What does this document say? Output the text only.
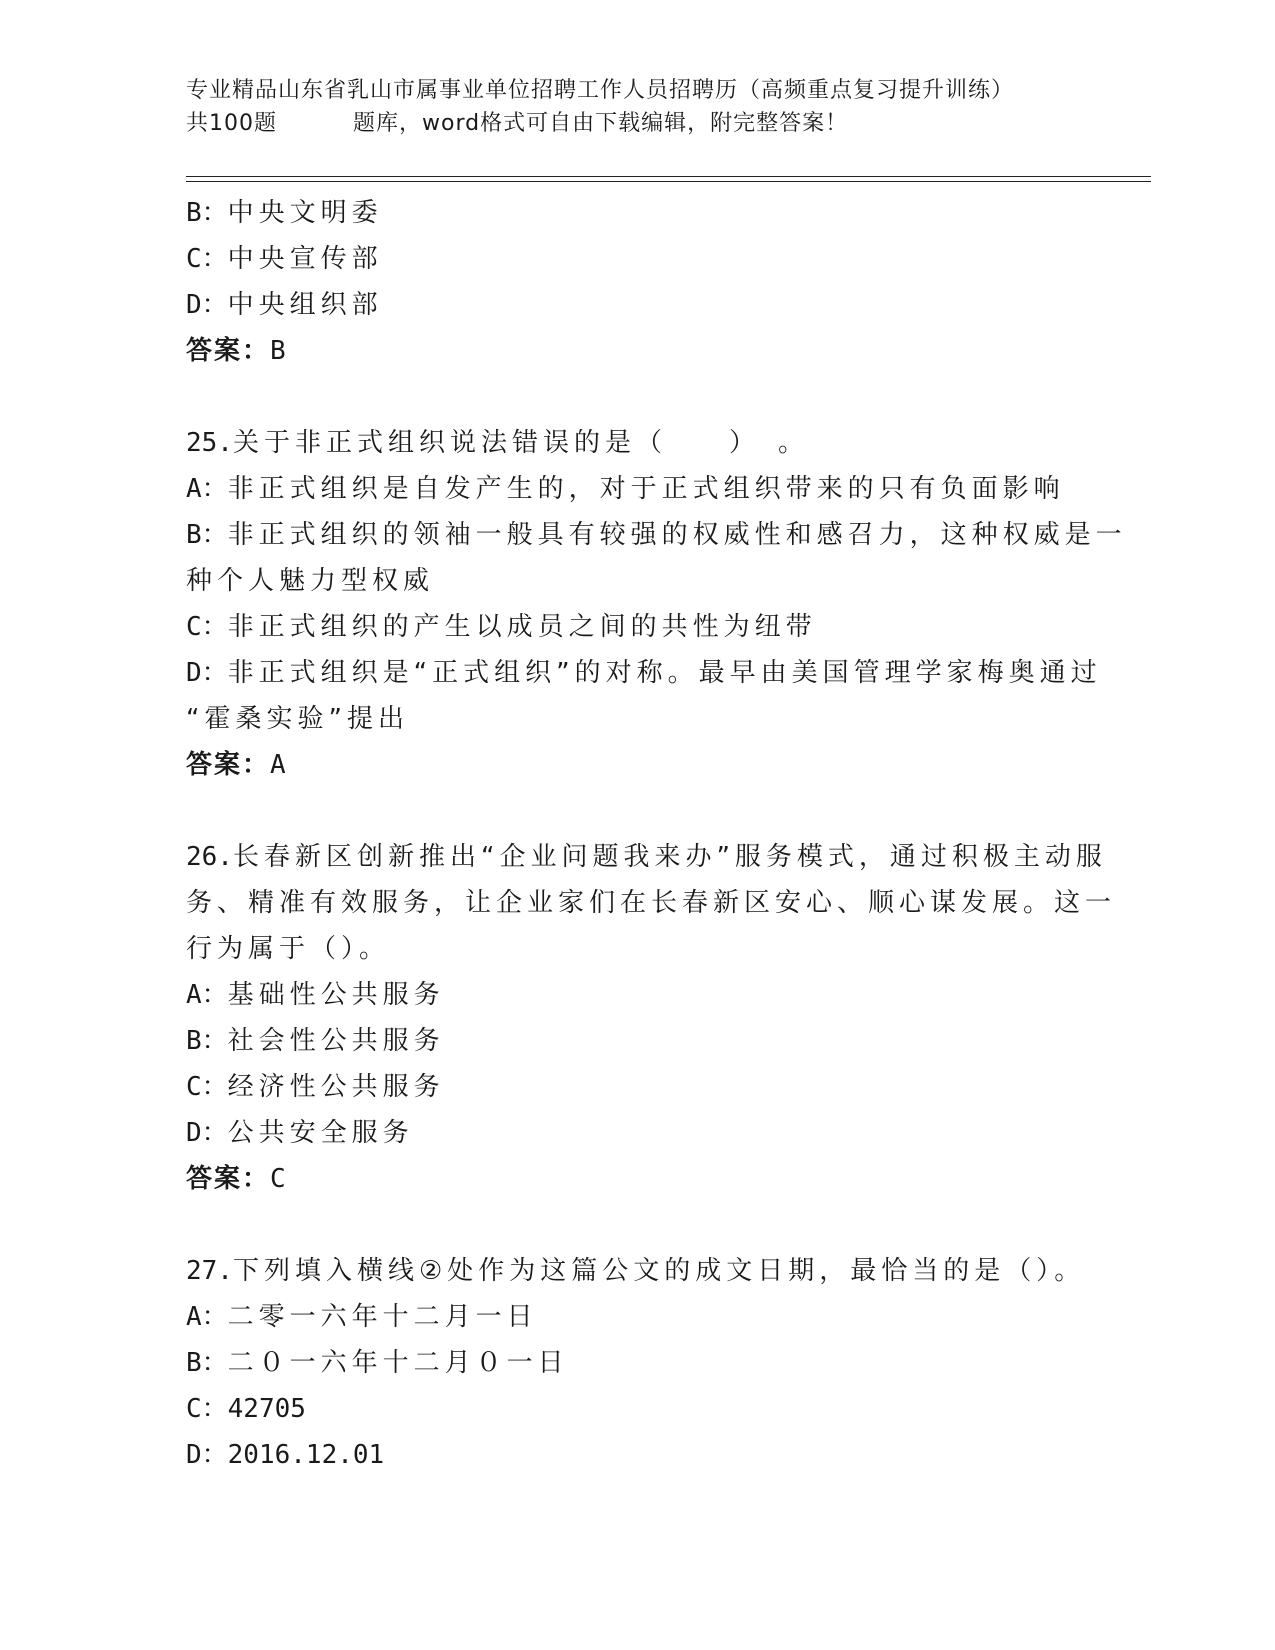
专业精品山东省乳山市属事业单位招聘工作人员招聘历（高频重点复习提升训练）
共100题	题库，word格式可自由下载编辑，附完整答案！
B：中央文明委
C：中央宣传部
D：中央组织部
答案：B
25.关于非正式组织说法错误的是（　　）　。
A：非正式组织是自发产生的，对于正式组织带来的只有负面影响
B：非正式组织的领袖一般具有较强的权威性和感召力，这种权威是一
种个人魅力型权威
C：非正式组织的产生以成员之间的共性为纽带
D：非正式组织是“正式组织”的对称。最早由美国管理学家梅奥通过
“霍桑实验”提出
答案：A
26.长春新区创新推出“企业问题我来办”服务模式，通过积极主动服
务、精准有效服务，让企业家们在长春新区安心、顺心谋发展。这一
行为属于（）。
A：基础性公共服务
B：社会性公共服务
C：经济性公共服务
D：公共安全服务
答案：C
27.下列填入横线②处作为这篇公文的成文日期，最恰当的是（）。
A：二零一六年十二月一日
B：二０一六年十二月０一日
C：42705
D：2016.12.01
